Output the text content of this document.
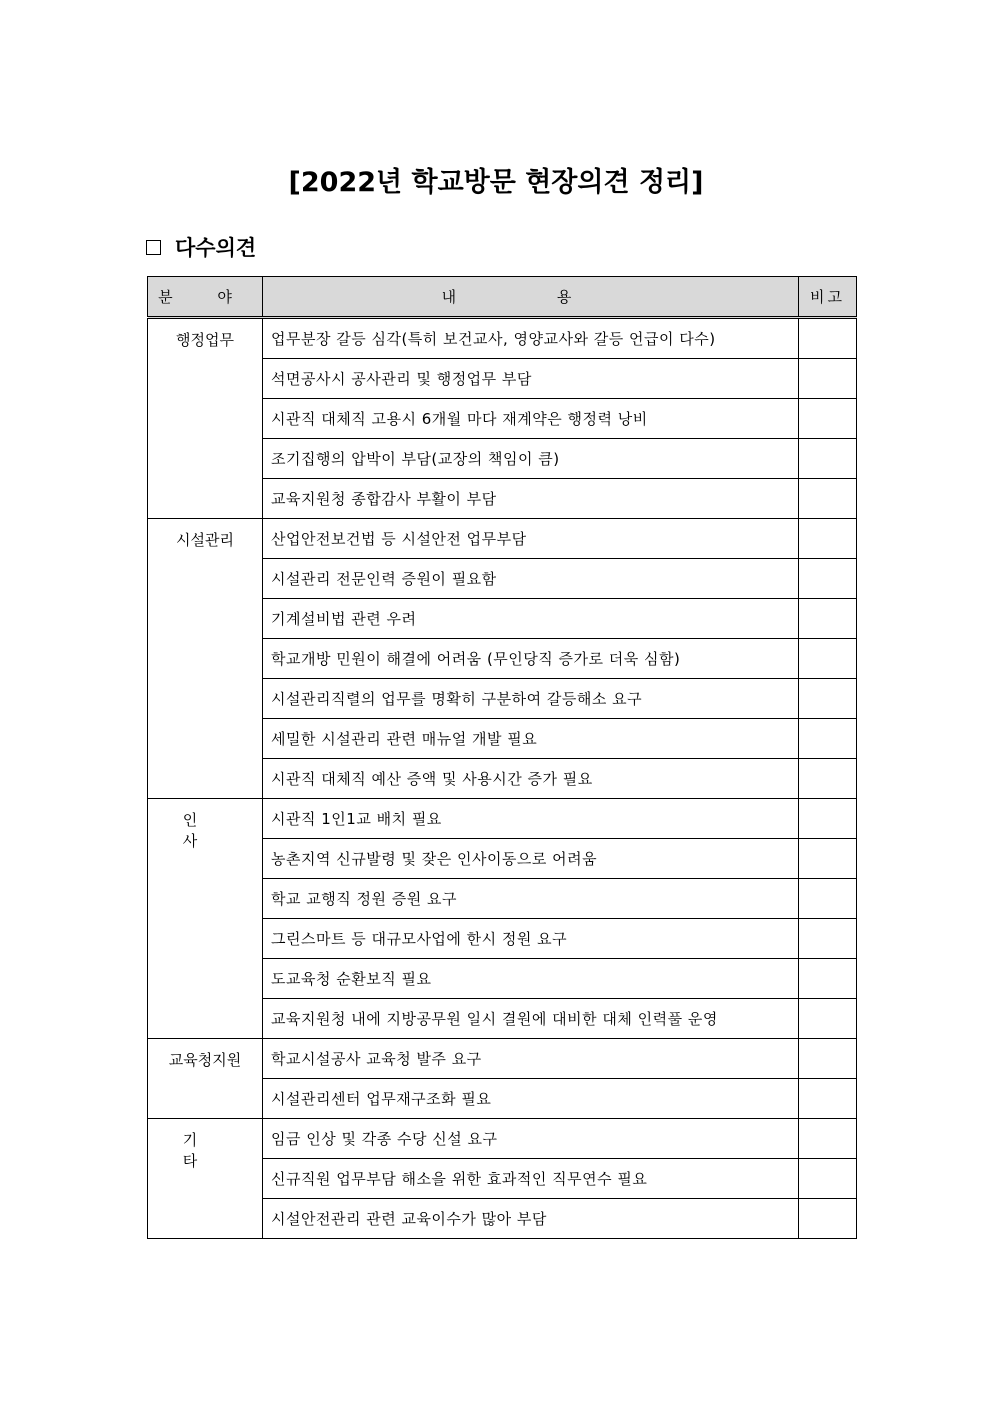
[2022년 학교방문 현장의견 정리]
다수의견
분 야	내 용	비고
행정업무	업무분장 갈등 심각(특히 보건교사, 영양교사와 갈등 언급이 다수)	
	석면공사시 공사관리 및 행정업무 부담	
	시관직 대체직 고용시 6개월 마다 재계약은 행정력 낭비	
	조기집행의 압박이 부담(교장의 책임이 큼)	
	교육지원청 종합감사 부활이 부담	
시설관리	산업안전보건법 등 시설안전 업무부담	
	시설관리 전문인력 증원이 필요함	
	기계설비법 관련 우려	
	학교개방 민원이 해결에 어려움 (무인당직 증가로 더욱 심함)	
	시설관리직렬의 업무를 명확히 구분하여 갈등해소 요구	
	세밀한 시설관리 관련 매뉴얼 개발 필요	
	시관직 대체직 예산 증액 및 사용시간 증가 필요	
인 사	시관직 1인1교 배치 필요	
	농촌지역 신규발령 및 잦은 인사이동으로 어려움	
	학교 교행직 정원 증원 요구	
	그린스마트 등 대규모사업에 한시 정원 요구	
	도교육청 순환보직 필요	
	교육지원청 내에 지방공무원 일시 결원에 대비한 대체 인력풀 운영	
교육청지원	학교시설공사 교육청 발주 요구	
	시설관리센터 업무재구조화 필요	
기 타	임금 인상 및 각종 수당 신설 요구	
	신규직원 업무부담 해소을 위한 효과적인 직무연수 필요	
	시설안전관리 관련 교육이수가 많아 부담	
